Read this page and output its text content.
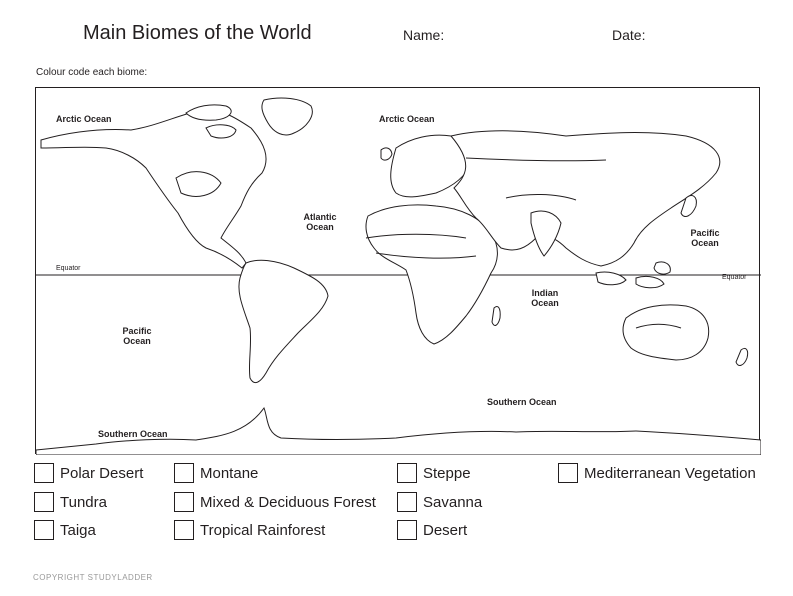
Main Biomes of the World	Name:	Date:
Colour code each biome:
Arctic Ocean	Arctic Ocean
Atlantic Ocean
Pacific Ocean
Pacific Ocean
Indian Ocean
Southern Ocean
Southern Ocean
Equator
Equator
Polar Desert
Tundra
Taiga
Montane
Mixed & Deciduous Forest
Tropical Rainforest
Steppe
Savanna
Desert
Mediterranean Vegetation
COPYRIGHT STUDYLADDER
